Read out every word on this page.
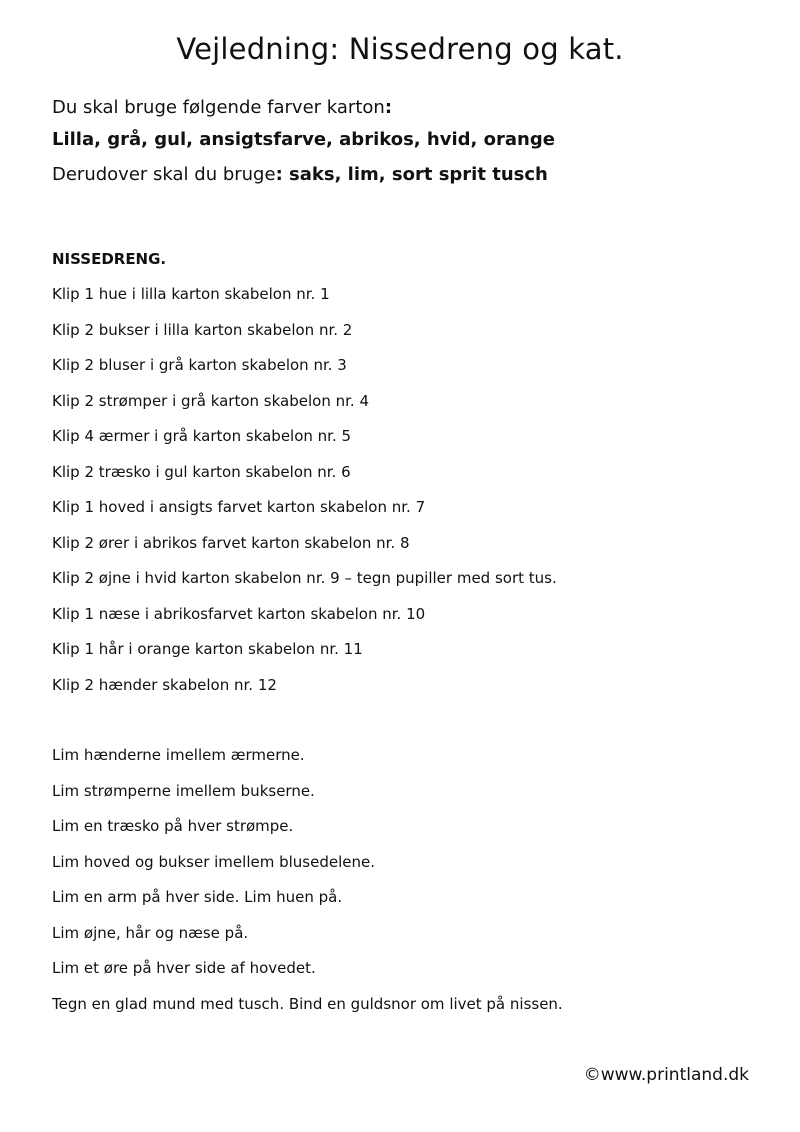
Vejledning: Nissedreng og kat.
Du skal bruge følgende farver karton:
Lilla, grå, gul, ansigtsfarve, abrikos, hvid, orange
Derudover skal du bruge: saks, lim, sort sprit tusch
NISSEDRENG.
Klip 1 hue i lilla karton skabelon nr. 1
Klip 2 bukser i lilla karton skabelon nr. 2
Klip 2 bluser i grå karton skabelon nr. 3
Klip 2 strømper i grå karton skabelon nr. 4
Klip 4 ærmer i grå karton skabelon nr. 5
Klip 2 træsko i gul karton skabelon nr. 6
Klip 1 hoved i ansigts farvet karton skabelon nr. 7
Klip 2 ører i abrikos farvet karton skabelon nr. 8
Klip 2 øjne i hvid karton skabelon nr. 9 – tegn pupiller med sort tus.
Klip 1 næse i abrikosfarvet karton skabelon nr. 10
Klip 1 hår i orange karton skabelon nr. 11
Klip 2 hænder skabelon nr. 12
Lim hænderne imellem ærmerne.
Lim strømperne imellem bukserne.
Lim en træsko på hver strømpe.
Lim hoved og bukser imellem blusedelene.
Lim en arm på hver side. Lim huen på.
Lim øjne, hår og næse på.
Lim et øre på hver side af hovedet.
Tegn en glad mund med tusch. Bind en guldsnor om livet på nissen.
©www.printland.dk
